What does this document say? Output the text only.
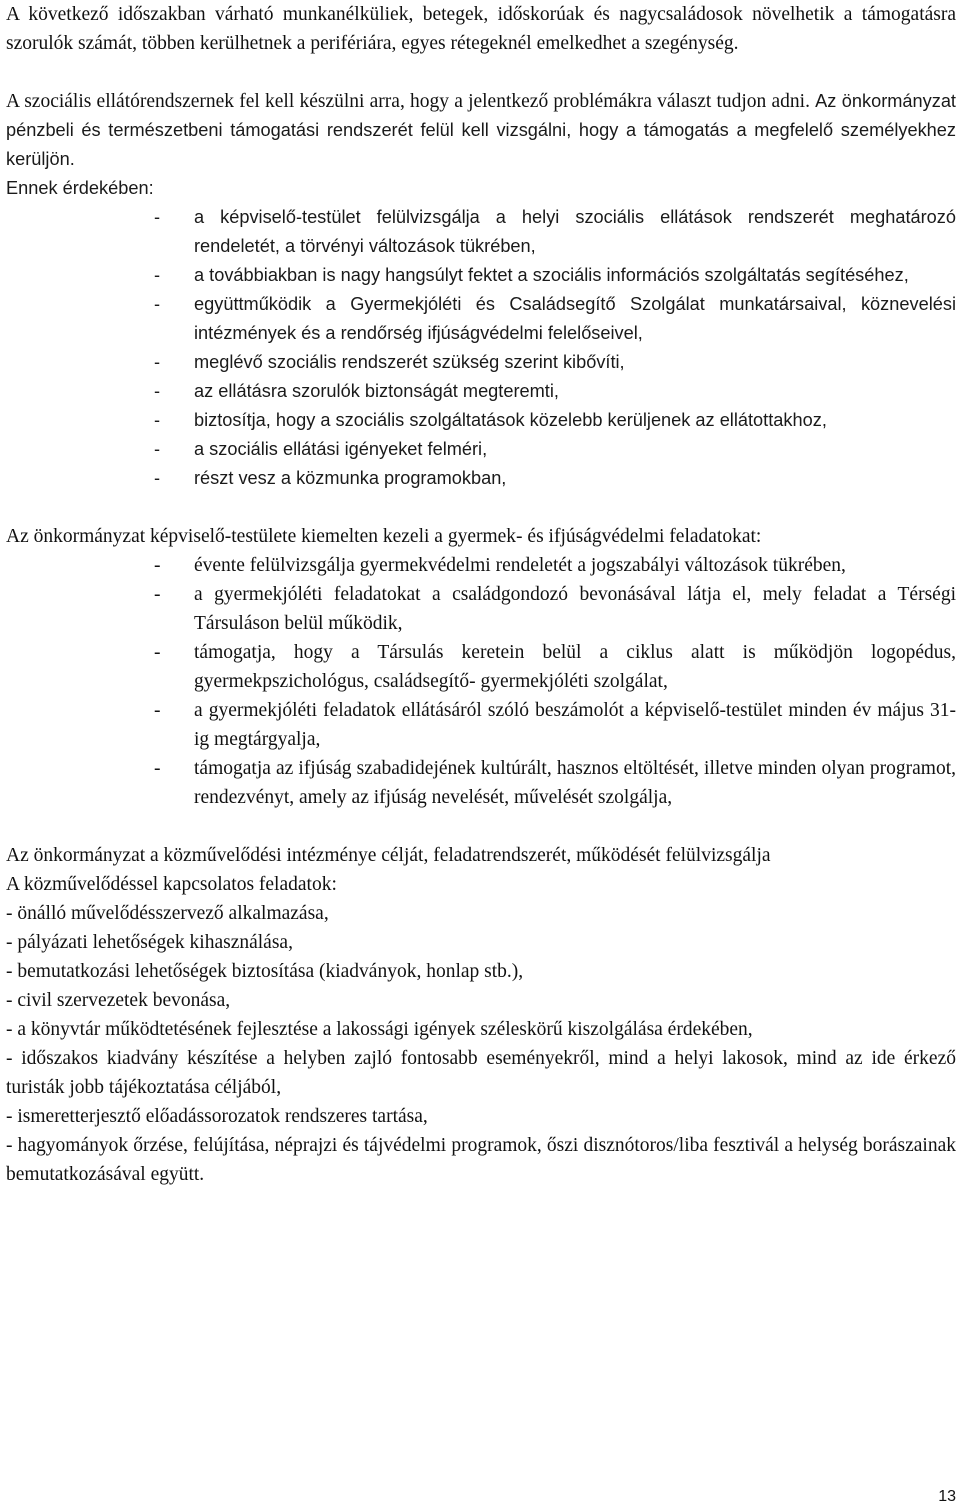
A következő időszakban várható munkanélküliek, betegek, időskorúak és nagycsaládosok növelhetik a támogatásra szorulók számát, többen kerülhetnek a perifériára, egyes rétegeknél emelkedhet a szegénység.

A szociális ellátórendszernek fel kell készülni arra, hogy a jelentkező problémákra választ tudjon adni. Az önkormányzat pénzbeli és természetbeni támogatási rendszerét felül kell vizsgálni, hogy a támogatás a megfelelő személyekhez kerüljön.

Ennek érdekében:

- a képviselő-testület felülvizsgálja a helyi szociális ellátások rendszerét meghatározó rendeletét, a törvényi változások tükrében,
- a továbbiakban is nagy hangsúlyt fektet a szociális információs szolgáltatás segítéséhez,
- együttműködik a Gyermekjóléti és Családsegítő Szolgálat munkatársaival, köznevelési intézmények és a rendőrség ifjúságvédelmi felelőseivel,
- meglévő szociális rendszerét szükség szerint kibővíti,
- az ellátásra szorulók biztonságát megteremti,
- biztosítja, hogy a szociális szolgáltatások közelebb kerüljenek az ellátottakhoz,
- a szociális ellátási igényeket felméri,
- részt vesz a közmunka programokban,

Az önkormányzat képviselő-testülete kiemelten kezeli a gyermek- és ifjúságvédelmi feladatokat:

- évente felülvizsgálja gyermekvédelmi rendeletét a jogszabályi változások tükrében,
- a gyermekjóléti feladatokat a családgondozó bevonásával látja el, mely feladat a Térségi Társuláson belül működik,
- támogatja, hogy a Társulás keretein belül a ciklus alatt is működjön logopédus, gyermekpszichológus, családsegítő- gyermekjóléti szolgálat,
- a gyermekjóléti feladatok ellátásáról szóló beszámolót a képviselő-testület minden év május 31-ig megtárgyalja,
- támogatja az ifjúság szabadidejének kultúrált, hasznos eltöltését, illetve minden olyan programot, rendezvényt, amely az ifjúság nevelését, művelését szolgálja,

Az önkormányzat a közművelődési intézménye célját, feladatrendszerét, működését felülvizsgálja

A közművelődéssel kapcsolatos feladatok:

- önálló művelődésszervező alkalmazása,

- pályázati lehetőségek kihasználása,

- bemutatkozási lehetőségek biztosítása (kiadványok, honlap stb.),

- civil szervezetek bevonása,

- a könyvtár működtetésének fejlesztése a lakossági igények széleskörű kiszolgálása érdekében,

- időszakos kiadvány készítése a helyben zajló fontosabb eseményekről, mind a helyi lakosok, mind az ide érkező turisták jobb tájékoztatása céljából,

- ismeretterjesztő előadássorozatok rendszeres tartása,

- hagyományok őrzése, felújítása, néprajzi és tájvédelmi programok, őszi disznótoros/liba fesztivál a helység borászainak bemutatkozásával együtt.

13
